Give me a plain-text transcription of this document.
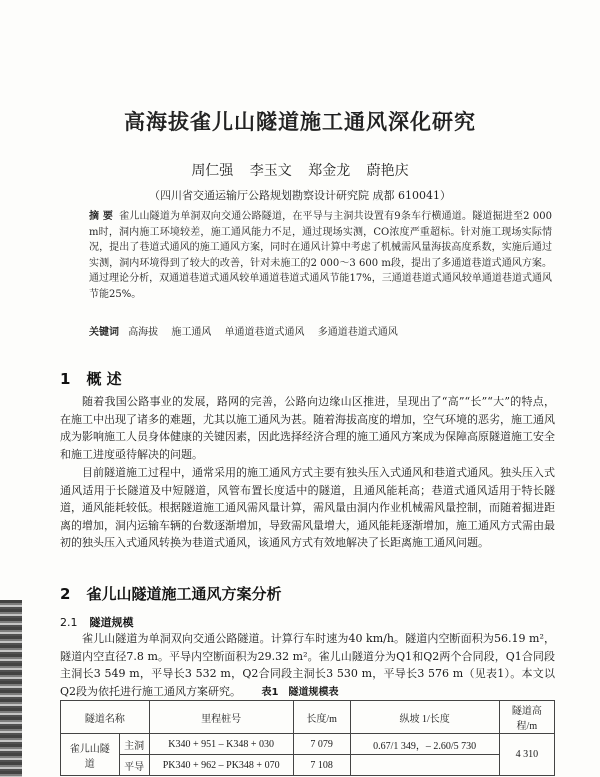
高海拔雀儿山隧道施工通风深化研究
周仁强 李玉文 郑金龙 蔚艳庆
（四川省交通运输厅公路规划勘察设计研究院 成都 610041）
摘 要 雀儿山隧道为单洞双向交通公路隧道，在平导与主洞共设置有9条车行横通道。隧道掘进至2 000 m时，洞内施工环境较差，施工通风能力不足，通过现场实测，CO浓度严重超标。针对施工现场实际情况，提出了巷道式通风的施工通风方案，同时在通风计算中考虑了机械需风量海拔高度系数，实施后通过实测，洞内环境得到了较大的改善，针对未施工的2 000～3 600 m段，提出了多通道巷道式通风方案。通过理论分析，双通道巷道式通风较单通道巷道式通风节能17%，三通道巷道式通风较单通道巷道式通风节能25%。
关键词 高海拔 施工通风 单通道巷道式通风 多通道巷道式通风
1 概 述
随着我国公路事业的发展，路网的完善，公路向边缘山区推进，呈现出了“高”“长”“大”的特点，在施工中出现了诸多的难题，尤其以施工通风为甚。随着海拔高度的增加，空气环境的恶劣，施工通风成为影响施工人员身体健康的关键因素，因此选择经济合理的施工通风方案成为保障高原隧道施工安全和施工进度亟待解决的问题。
目前隧道施工过程中，通常采用的施工通风方式主要有独头压入式通风和巷道式通风。独头压入式通风适用于长隧道及中短隧道，风管布置长度适中的隧道，且通风能耗高；巷道式通风适用于特长隧道，通风能耗较低。根据隧道施工通风需风量计算，需风量由洞内作业机械需风量控制，而随着掘进距离的增加，洞内运输车辆的台数逐渐增加，导致需风量增大，通风能耗逐渐增加，施工通风方式需由最初的独头压入式通风转换为巷道式通风，该通风方式有效地解决了长距离施工通风问题。
2 雀儿山隧道施工通风方案分析
2.1 隧道规模
雀儿山隧道为单洞双向交通公路隧道。计算行车时速为40 km/h。隧道内空断面积为56.19 m²，隧道内空直径7.8 m。平导内空断面积为29.32 m²。雀儿山隧道分为Q1和Q2两个合同段，Q1合同段主洞长3 549 m，平导长3 532 m，Q2合同段主洞长3 530 m，平导长3 576 m（见表1）。本文以Q2段为依托进行施工通风方案研究。	表1 隧道规模表
隧道名称		里程桩号	长度/m	纵坡 1/长度	隧道高程/m
雀儿山隧道	主洞	K340 + 951 – K348 + 030	7 079	0.67/1 349，– 2.60/5 730	4 310
	平导	PK340 + 962 – PK348 + 070	7 108		
